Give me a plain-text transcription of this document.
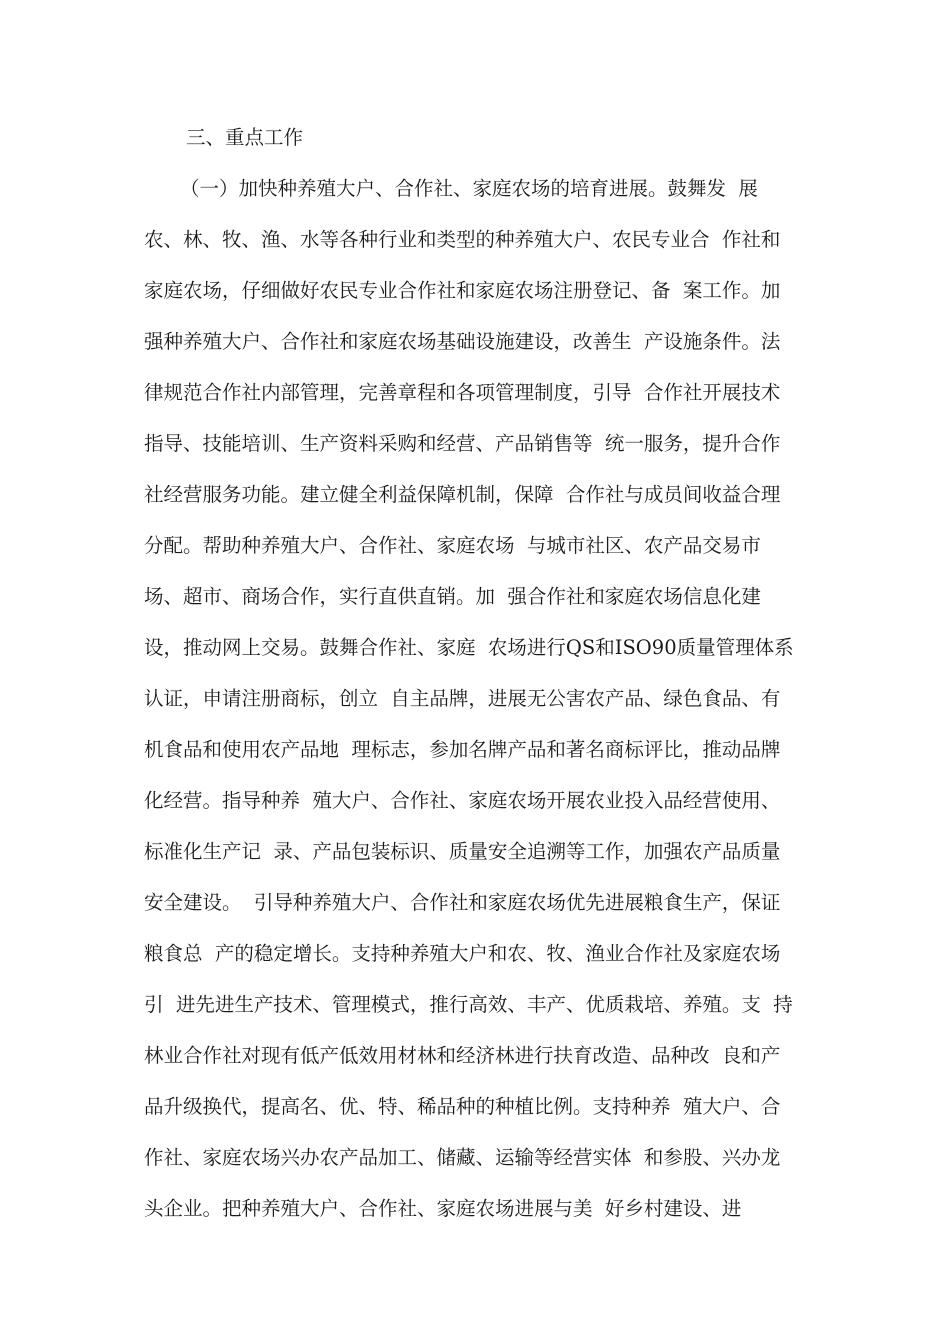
三、重点工作
（一）加快种养殖大户、合作社、家庭农场的培育进展。鼓舞发  展
农、林、牧、渔、水等各种行业和类型的种养殖大户、农民专业合  作社和
家庭农场，仔细做好农民专业合作社和家庭农场注册登记、备  案工作。加
强种养殖大户、合作社和家庭农场基础设施建设，改善生  产设施条件。法
律规范合作社内部管理，完善章程和各项管理制度，引导  合作社开展技术
指导、技能培训、生产资料采购和经营、产品销售等  统一服务，提升合作
社经营服务功能。建立健全利益保障机制，保障  合作社与成员间收益合理
分配。帮助种养殖大户、合作社、家庭农场  与城市社区、农产品交易市
场、超市、商场合作，实行直供直销。加  强合作社和家庭农场信息化建
设，推动网上交易。鼓舞合作社、家庭  农场进行QS和ISO90质量管理体系
认证，申请注册商标，创立  自主品牌，进展无公害农产品、绿色食品、有
机食品和使用农产品地  理标志，参加名牌产品和著名商标评比，推动品牌
化经营。指导种养  殖大户、合作社、家庭农场开展农业投入品经营使用、
标准化生产记  录、产品包装标识、质量安全追溯等工作，加强农产品质量
安全建设。  引导种养殖大户、合作社和家庭农场优先进展粮食生产，保证
粮食总  产的稳定增长。支持种养殖大户和农、牧、渔业合作社及家庭农场
引  进先进生产技术、管理模式，推行高效、丰产、优质栽培、养殖。支  持
林业合作社对现有低产低效用材林和经济林进行扶育改造、品种改  良和产
品升级换代，提高名、优、特、稀品种的种植比例。支持种养  殖大户、合
作社、家庭农场兴办农产品加工、储藏、运输等经营实体  和参股、兴办龙
头企业。把种养殖大户、合作社、家庭农场进展与美  好乡村建设、进
